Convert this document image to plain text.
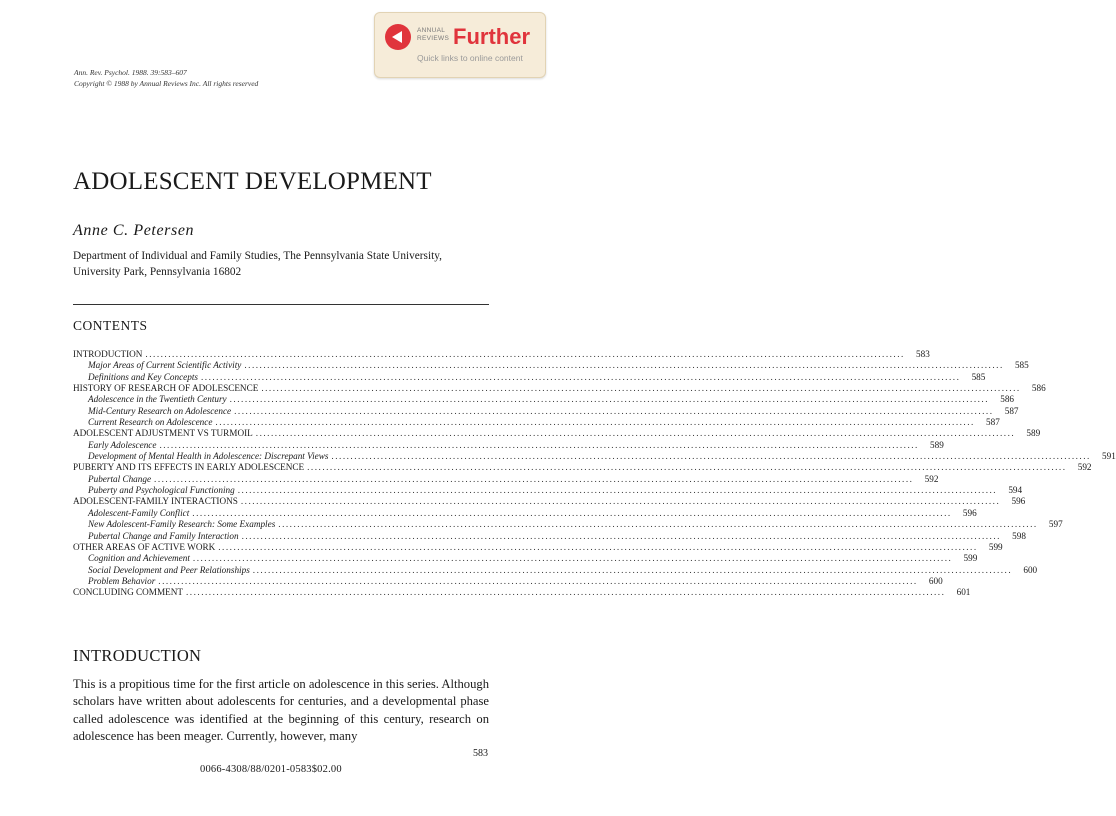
ANNUAL
REVIEWS Further
Quick links to online content
Ann. Rev. Psychol. 1988. 39:583–607
Copyright © 1988 by Annual Reviews Inc. All rights reserved
ADOLESCENT DEVELOPMENT
Anne C. Petersen
Department of Individual and Family Studies, The Pennsylvania State University, University Park, Pennsylvania 16802
CONTENTS
INTRODUCTION ........................................................................................................................................................................................................	583
Major Areas of Current Scientific Activity ........................................................................................................................................................................................................	585
Definitions and Key Concepts ........................................................................................................................................................................................................	585
HISTORY OF RESEARCH OF ADOLESCENCE ........................................................................................................................................................................................................	586
Adolescence in the Twentieth Century ........................................................................................................................................................................................................	586
Mid-Century Research on Adolescence ........................................................................................................................................................................................................	587
Current Research on Adolescence ........................................................................................................................................................................................................	587
ADOLESCENT ADJUSTMENT VS TURMOIL ........................................................................................................................................................................................................	589
Early Adolescence ........................................................................................................................................................................................................	589
Development of Mental Health in Adolescence: Discrepant Views ........................................................................................................................................................................................................	591
PUBERTY AND ITS EFFECTS IN EARLY ADOLESCENCE ........................................................................................................................................................................................................	592
Pubertal Change ........................................................................................................................................................................................................	592
Puberty and Psychological Functioning ........................................................................................................................................................................................................	594
ADOLESCENT-FAMILY INTERACTIONS ........................................................................................................................................................................................................	596
Adolescent-Family Conflict ........................................................................................................................................................................................................	596
New Adolescent-Family Research: Some Examples ........................................................................................................................................................................................................	597
Pubertal Change and Family Interaction ........................................................................................................................................................................................................	598
OTHER AREAS OF ACTIVE WORK ........................................................................................................................................................................................................	599
Cognition and Achievement ........................................................................................................................................................................................................	599
Social Development and Peer Relationships ........................................................................................................................................................................................................	600
Problem Behavior ........................................................................................................................................................................................................	600
CONCLUDING COMMENT ........................................................................................................................................................................................................	601
INTRODUCTION
This is a propitious time for the first article on adolescence in this series. Although scholars have written about adolescents for centuries, and a developmental phase called adolescence was identified at the beginning of this century, research on adolescence has been meager. Currently, however, many
583
0066-4308/88/0201-0583$02.00
